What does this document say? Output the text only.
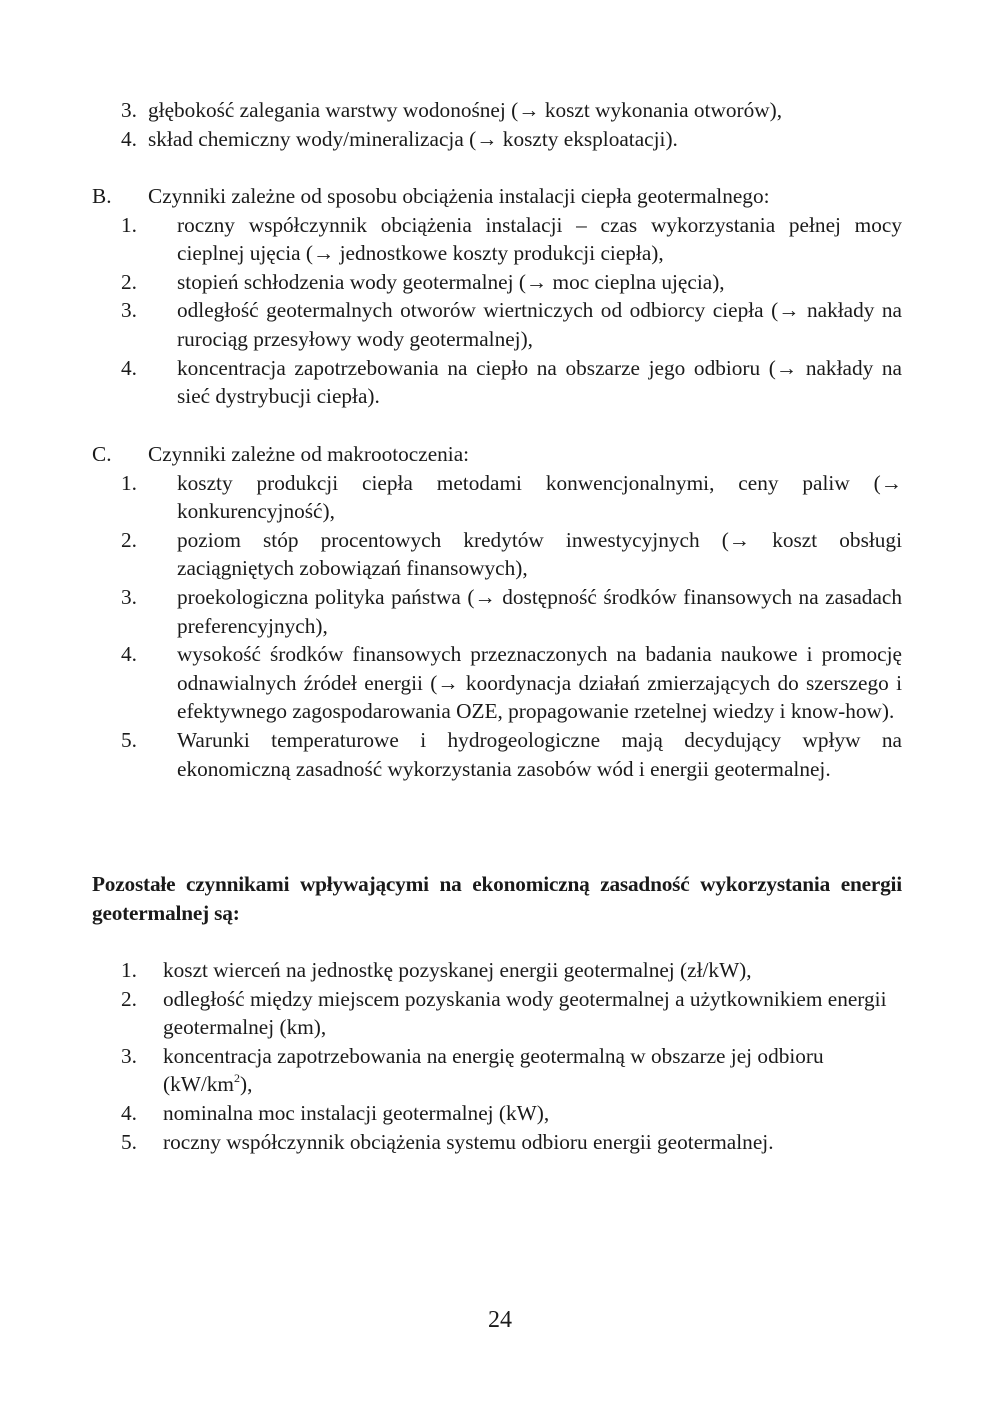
3. głębokość zalegania warstwy wodonośnej (→ koszt wykonania otworów),
4. skład chemiczny wody/mineralizacja (→ koszty eksploatacji).
B. Czynniki zależne od sposobu obciążenia instalacji ciepła geotermalnego:
1. roczny współczynnik obciążenia instalacji – czas wykorzystania pełnej mocy cieplnej ujęcia (→ jednostkowe koszty produkcji ciepła),
2. stopień schłodzenia wody geotermalnej (→ moc cieplna ujęcia),
3. odległość geotermalnych otworów wiertniczych od odbiorcy ciepła (→ nakłady na rurociąg przesyłowy wody geotermalnej),
4. koncentracja zapotrzebowania na ciepło na obszarze jego odbioru (→ nakłady na sieć dystrybucji ciepła).
C. Czynniki zależne od makrootoczenia:
1. koszty produkcji ciepła metodami konwencjonalnymi, ceny paliw (→ konkurencyjność),
2. poziom stóp procentowych kredytów inwestycyjnych (→ koszt obsługi zaciągniętych zobowiązań finansowych),
3. proekologiczna polityka państwa (→ dostępność środków finansowych na zasadach preferencyjnych),
4. wysokość środków finansowych przeznaczonych na badania naukowe i promocję odnawialnych źródeł energii (→ koordynacja działań zmierzających do szerszego i efektywnego zagospodarowania OZE, propagowanie rzetelnej wiedzy i know-how).
5. Warunki temperaturowe i hydrogeologiczne mają decydujący wpływ na ekonomiczną zasadność wykorzystania zasobów wód i energii geotermalnej.
Pozostałe czynnikami wpływającymi na ekonomiczną zasadność wykorzystania energii geotermalnej są:
1. koszt wierceń na jednostkę pozyskanej energii geotermalnej (zł/kW),
2. odległość między miejscem pozyskania wody geotermalnej a użytkownikiem energii geotermalnej (km),
3. koncentracja zapotrzebowania na energię geotermalną w obszarze jej odbioru $(kW/km^2)$,
4. nominalna moc instalacji geotermalnej (kW),
5. roczny współczynnik obciążenia systemu odbioru energii geotermalnej.
24
